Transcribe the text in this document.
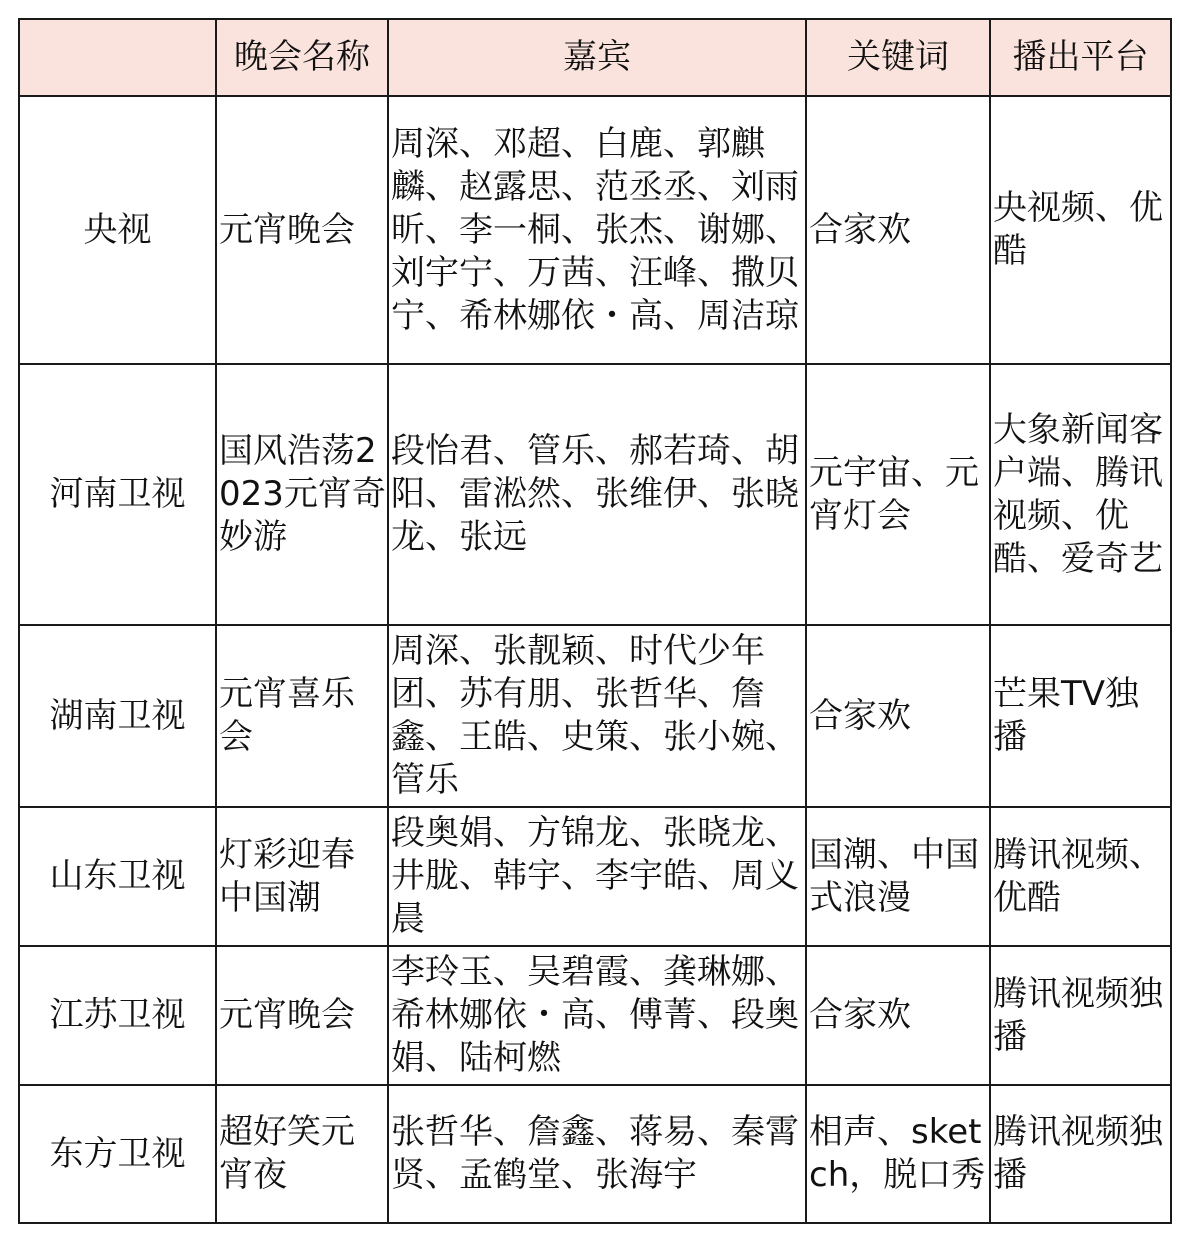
	晚会名称	嘉宾	关键词	播出平台
央视	元宵晚会	周深、邓超、白鹿、郭麒麟、赵露思、范丞丞、刘雨昕、李一桐、张杰、谢娜、刘宇宁、万茜、汪峰、撒贝宁、希林娜依・高、周洁琼	合家欢	央视频、优酷
河南卫视	国风浩荡2023元宵奇妙游	段怡君、管乐、郝若琦、胡阳、雷淞然、张维伊、张晓龙、张远	元宇宙、元宵灯会	大象新闻客户端、腾讯视频、优酷、爱奇艺
湖南卫视	元宵喜乐会	周深、张靓颖、时代少年团、苏有朋、张哲华、詹鑫、王皓、史策、张小婉、管乐	合家欢	芒果TV独播
山东卫视	灯彩迎春中国潮	段奥娟、方锦龙、张晓龙、井胧、韩宇、李宇皓、周义晨	国潮、中国式浪漫	腾讯视频、优酷
江苏卫视	元宵晚会	李玲玉、吴碧霞、龚琳娜、希林娜依・高、傅菁、段奥娟、陆柯燃	合家欢	腾讯视频独播
东方卫视	超好笑元宵夜	张哲华、詹鑫、蒋易、秦霄贤、孟鹤堂、张海宇	相声、sketch，脱口秀	腾讯视频独播
